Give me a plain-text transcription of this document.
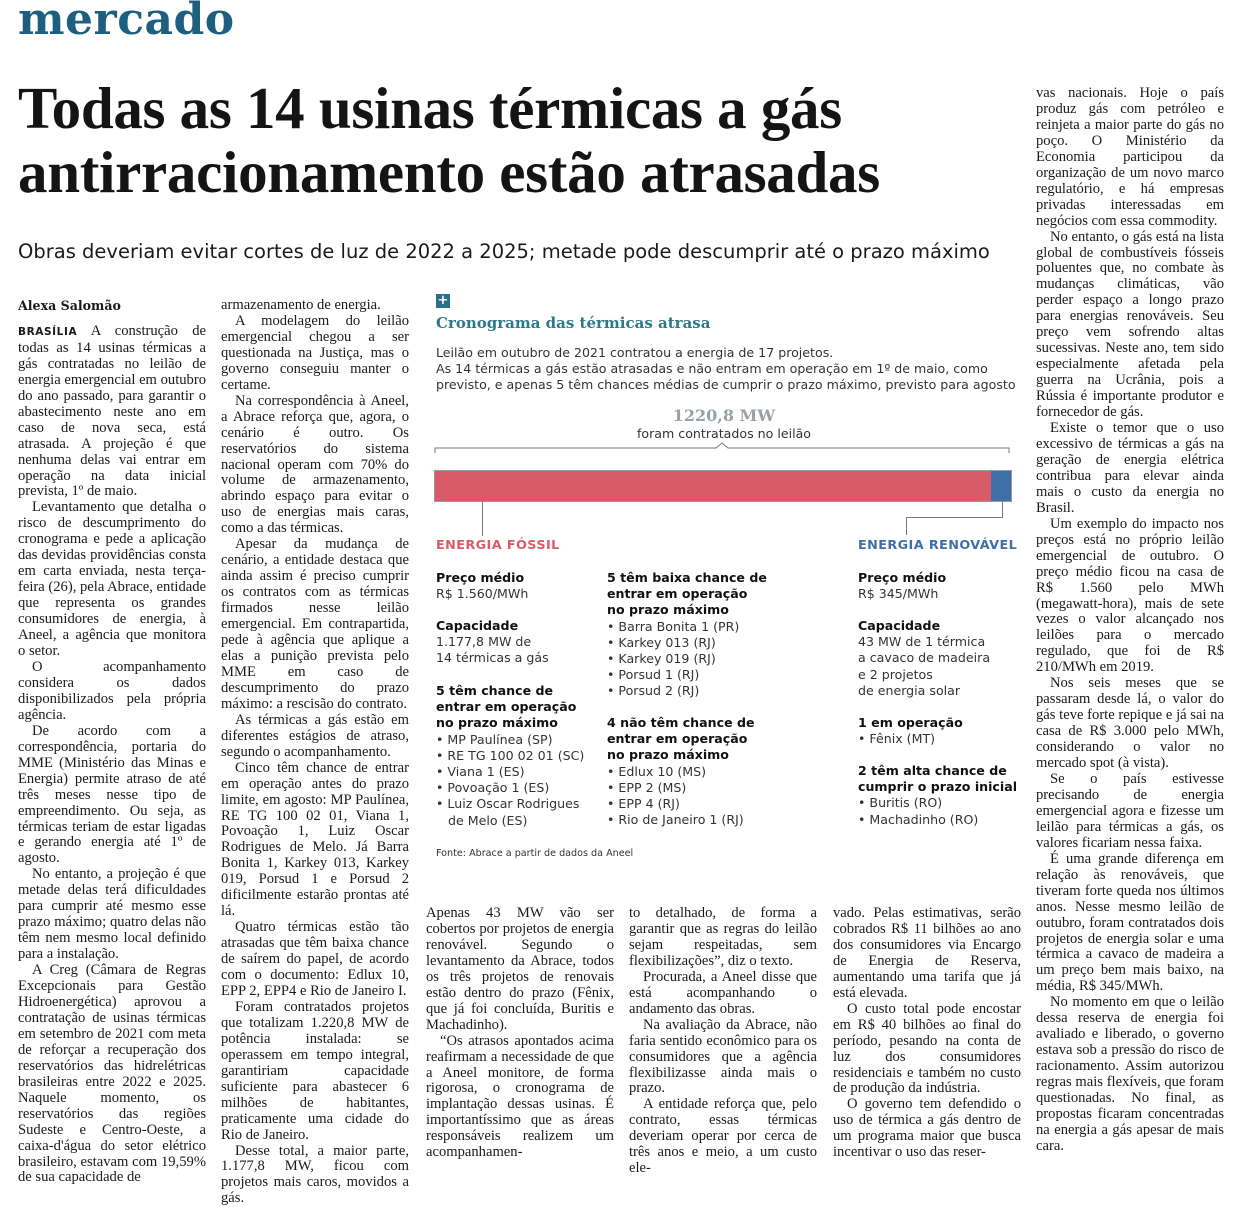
mercado
Todas as 14 usinas térmicas a gás antirracionamento estão atrasadas
Obras deveriam evitar cortes de luz de 2022 a 2025; metade pode descumprir até o prazo máximo

Alexa Salomão

BRASÍLIA A construção de todas as 14 usinas térmicas a gás contratadas no leilão de energia emergencial em outubro do ano passado, para garantir o abastecimento neste ano em caso de nova seca, está atrasada. A projeção é que nenhuma delas vai entrar em operação na data inicial prevista, 1º de maio.

Levantamento que detalha o risco de descumprimento do cronograma e pede a aplicação das devidas providências consta em carta enviada, nesta terça-feira (26), pela Abrace, entidade que representa os grandes consumidores de energia, à Aneel, a agência que monitora o setor.

O acompanhamento considera os dados disponibilizados pela própria agência.

De acordo com a correspondência, portaria do MME (Ministério das Minas e Energia) permite atraso de até três meses nesse tipo de empreendimento. Ou seja, as térmicas teriam de estar ligadas e gerando energia até 1º de agosto.

No entanto, a projeção é que metade delas terá dificuldades para cumprir até mesmo esse prazo máximo; quatro delas não têm nem mesmo local definido para a instalação.

A Creg (Câmara de Regras Excepcionais para Gestão Hidroenergética) aprovou a contratação de usinas térmicas em setembro de 2021 com meta de reforçar a recuperação dos reservatórios das hidrelétricas brasileiras entre 2022 e 2025. Naquele momento, os reservatórios das regiões Sudeste e Centro-Oeste, a caixa-d'água do setor elétrico brasileiro, estavam com 19,59% de sua capacidade de

armazenamento de energia.

A modelagem do leilão emergencial chegou a ser questionada na Justiça, mas o governo conseguiu manter o certame.

Na correspondência à Aneel, a Abrace reforça que, agora, o cenário é outro. Os reservatórios do sistema nacional operam com 70% do volume de armazenamento, abrindo espaço para evitar o uso de energias mais caras, como a das térmicas.

Apesar da mudança de cenário, a entidade destaca que ainda assim é preciso cumprir os contratos com as térmicas firmados nesse leilão emergencial. Em contrapartida, pede à agência que aplique a elas a punição prevista pelo MME em caso de descumprimento do prazo máximo: a rescisão do contrato.

As térmicas a gás estão em diferentes estágios de atraso, segundo o acompanhamento.

Cinco têm chance de entrar em operação antes do prazo limite, em agosto: MP Paulínea, RE TG 100 02 01, Viana 1, Povoação 1, Luiz Oscar Rodrigues de Melo. Já Barra Bonita 1, Karkey 013, Karkey 019, Porsud 1 e Porsud 2 dificilmente estarão prontas até lá.

Quatro térmicas estão tão atrasadas que têm baixa chance de saírem do papel, de acordo com o documento: Edlux 10, EPP 2, EPP4 e Rio de Janeiro I.

Foram contratados projetos que totalizam 1.220,8 MW de potência instalada: se operassem em tempo integral, garantiriam capacidade suficiente para abastecer 6 milhões de habitantes, praticamente uma cidade do Rio de Janeiro.

Desse total, a maior parte, 1.177,8 MW, ficou com projetos mais caros, movidos a gás.

+
Cronograma das térmicas atrasa
Leilão em outubro de 2021 contratou a energia de 17 projetos.
As 14 térmicas a gás estão atrasadas e não entram em operação em 1º de maio, como previsto, e apenas 5 têm chances médias de cumprir o prazo máximo, previsto para agosto
1220,8 MW
foram contratados no leilão
ENERGIA FÓSSIL	ENERGIA RENOVÁVEL
Preço médio
R$ 1.560/MWh
Capacidade
1.177,8 MW de
14 térmicas a gás
5 têm chance de
entrar em operação
no prazo máximo
• MP Paulínea (SP)
• RE TG 100 02 01 (SC)
• Viana 1 (ES)
• Povoação 1 (ES)
• Luiz Oscar Rodrigues
de Melo (ES)
5 têm baixa chance de
entrar em operação
no prazo máximo
• Barra Bonita 1 (PR)
• Karkey 013 (RJ)
• Karkey 019 (RJ)
• Porsud 1 (RJ)
• Porsud 2 (RJ)
4 não têm chance de
entrar em operação
no prazo máximo
• Edlux 10 (MS)
• EPP 2 (MS)
• EPP 4 (RJ)
• Rio de Janeiro 1 (RJ)
Preço médio
R$ 345/MWh
Capacidade
43 MW de 1 térmica
a cavaco de madeira
e 2 projetos
de energia solar
1 em operação
• Fênix (MT)
2 têm alta chance de
cumprir o prazo inicial
• Buritis (RO)
• Machadinho (RO)
Fonte: Abrace a partir de dados da Aneel

Apenas 43 MW vão ser cobertos por projetos de energia renovável. Segundo o levantamento da Abrace, todos os três projetos de renovais estão dentro do prazo (Fênix, que já foi concluída, Buritis e Machadinho).

“Os atrasos apontados acima reafirmam a necessidade de que a Aneel monitore, de forma rigorosa, o cronograma de implantação dessas usinas. É importantíssimo que as áreas responsáveis realizem um acompanhamen-

to detalhado, de forma a garantir que as regras do leilão sejam respeitadas, sem flexibilizações”, diz o texto.

Procurada, a Aneel disse que está acompanhando o andamento das obras.

Na avaliação da Abrace, não faria sentido econômico para os consumidores que a agência flexibilizasse ainda mais o prazo.

A entidade reforça que, pelo contrato, essas térmicas deveriam operar por cerca de três anos e meio, a um custo ele-

vado. Pelas estimativas, serão cobrados R$ 11 bilhões ao ano dos consumidores via Encargo de Energia de Reserva, aumentando uma tarifa que já está elevada.

O custo total pode encostar em R$ 40 bilhões ao final do período, pesando na conta de luz dos consumidores residenciais e também no custo de produção da indústria.

O governo tem defendido o uso de térmica a gás dentro de um programa maior que busca incentivar o uso das reser-

vas nacionais. Hoje o país produz gás com petróleo e reinjeta a maior parte do gás no poço. O Ministério da Economia participou da organização de um novo marco regulatório, e há empresas privadas interessadas em negócios com essa commodity.

No entanto, o gás está na lista global de combustíveis fósseis poluentes que, no combate às mudanças climáticas, vão perder espaço a longo prazo para energias renováveis. Seu preço vem sofrendo altas sucessivas. Neste ano, tem sido especialmente afetada pela guerra na Ucrânia, pois a Rússia é importante produtor e fornecedor de gás.

Existe o temor que o uso excessivo de térmicas a gás na geração de energia elétrica contribua para elevar ainda mais o custo da energia no Brasil.

Um exemplo do impacto nos preços está no próprio leilão emergencial de outubro. O preço médio ficou na casa de R$ 1.560 pelo MWh (megawatt-hora), mais de sete vezes o valor alcançado nos leilões para o mercado regulado, que foi de R$ 210/MWh em 2019.

Nos seis meses que se passaram desde lá, o valor do gás teve forte repique e já sai na casa de R$ 3.000 pelo MWh, considerando o valor no mercado spot (à vista).

Se o país estivesse precisando de energia emergencial agora e fizesse um leilão para térmicas a gás, os valores ficariam nessa faixa.

É uma grande diferença em relação às renováveis, que tiveram forte queda nos últimos anos. Nesse mesmo leilão de outubro, foram contratados dois projetos de energia solar e uma térmica a cavaco de madeira a um preço bem mais baixo, na média, R$ 345/MWh.

No momento em que o leilão dessa reserva de energia foi avaliado e liberado, o governo estava sob a pressão do risco de racionamento. Assim autorizou regras mais flexíveis, que foram questionadas. No final, as propostas ficaram concentradas na energia a gás apesar de mais cara.
